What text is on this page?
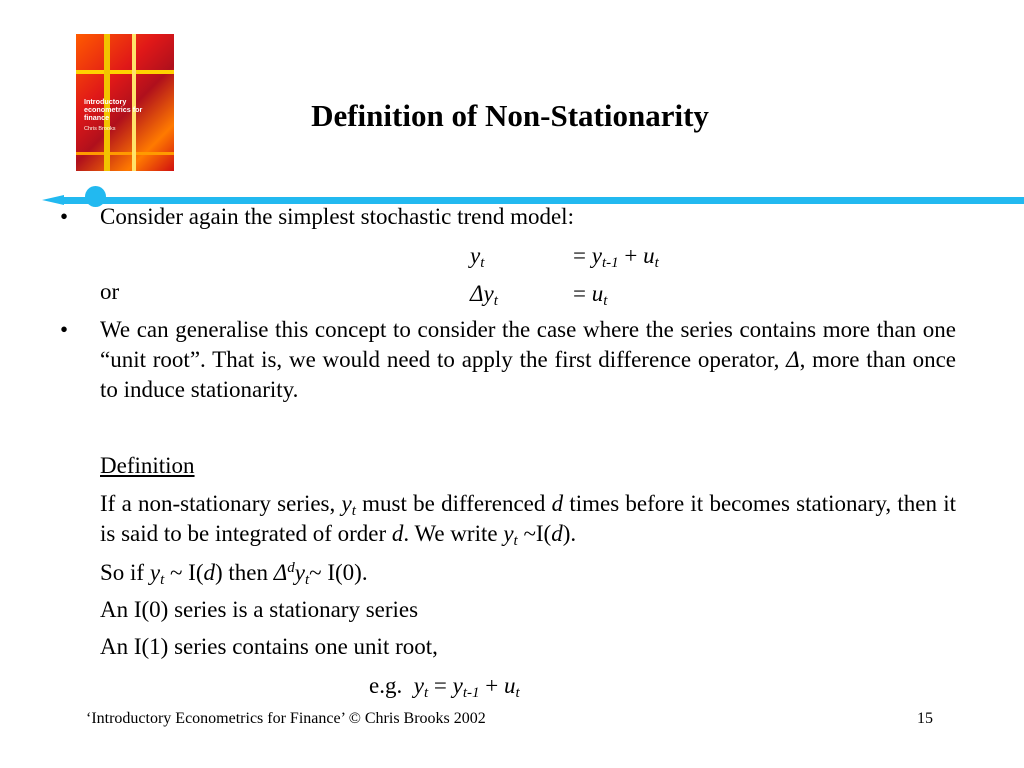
Introductory econometrics for finance
Chris Brooks	Definition of Non-Stationarity
• Consider again the simplest stochastic trend model:
$y_t$	= $y_{t-1} + u_t$
or	$\Delta y_t$	= $u_t$
• We can generalise this concept to consider the case where the series contains more than one “unit root”. That is, we would need to apply the first difference operator, Δ, more than once to induce stationarity.
Definition
If a non-stationary series, $y_t$ must be differenced d times before it becomes stationary, then it is said to be integrated of order d. We write $y_t$ ~I(d).
So if $y_t$ ~ I(d) then $\Delta^dy_t\sim$ I(0).
An I(0) series is a stationary series
An I(1) series contains one unit root,
e.g. $y_t = y_{t-1} + u_t$
‘Introductory Econometrics for Finance’ © Chris Brooks 2002	15
